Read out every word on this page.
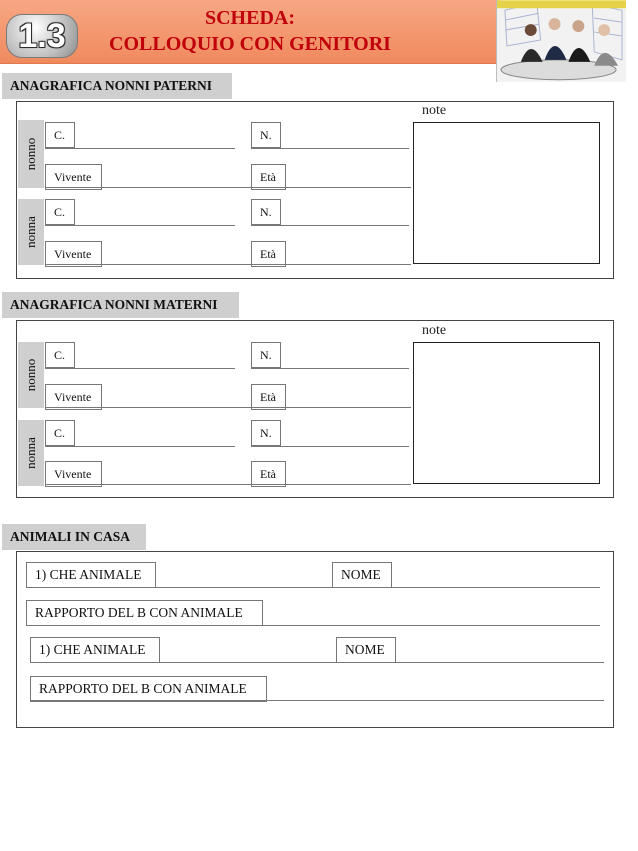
1.3	SCHEDA:
COLLOQUIO CON GENITORI
ANAGRAFICA NONNI PATERNI
note
nonno
C.	N.
Vivente	Età
nonna
C.	N.
Vivente	Età
ANAGRAFICA NONNI MATERNI
note
nonno
C.	N.
Vivente	Età
nonna
C.	N.
Vivente	Età
ANIMALI IN CASA
1) CHE ANIMALE	NOME
RAPPORTO DEL B CON ANIMALE
1) CHE ANIMALE	NOME
RAPPORTO DEL B CON ANIMALE
